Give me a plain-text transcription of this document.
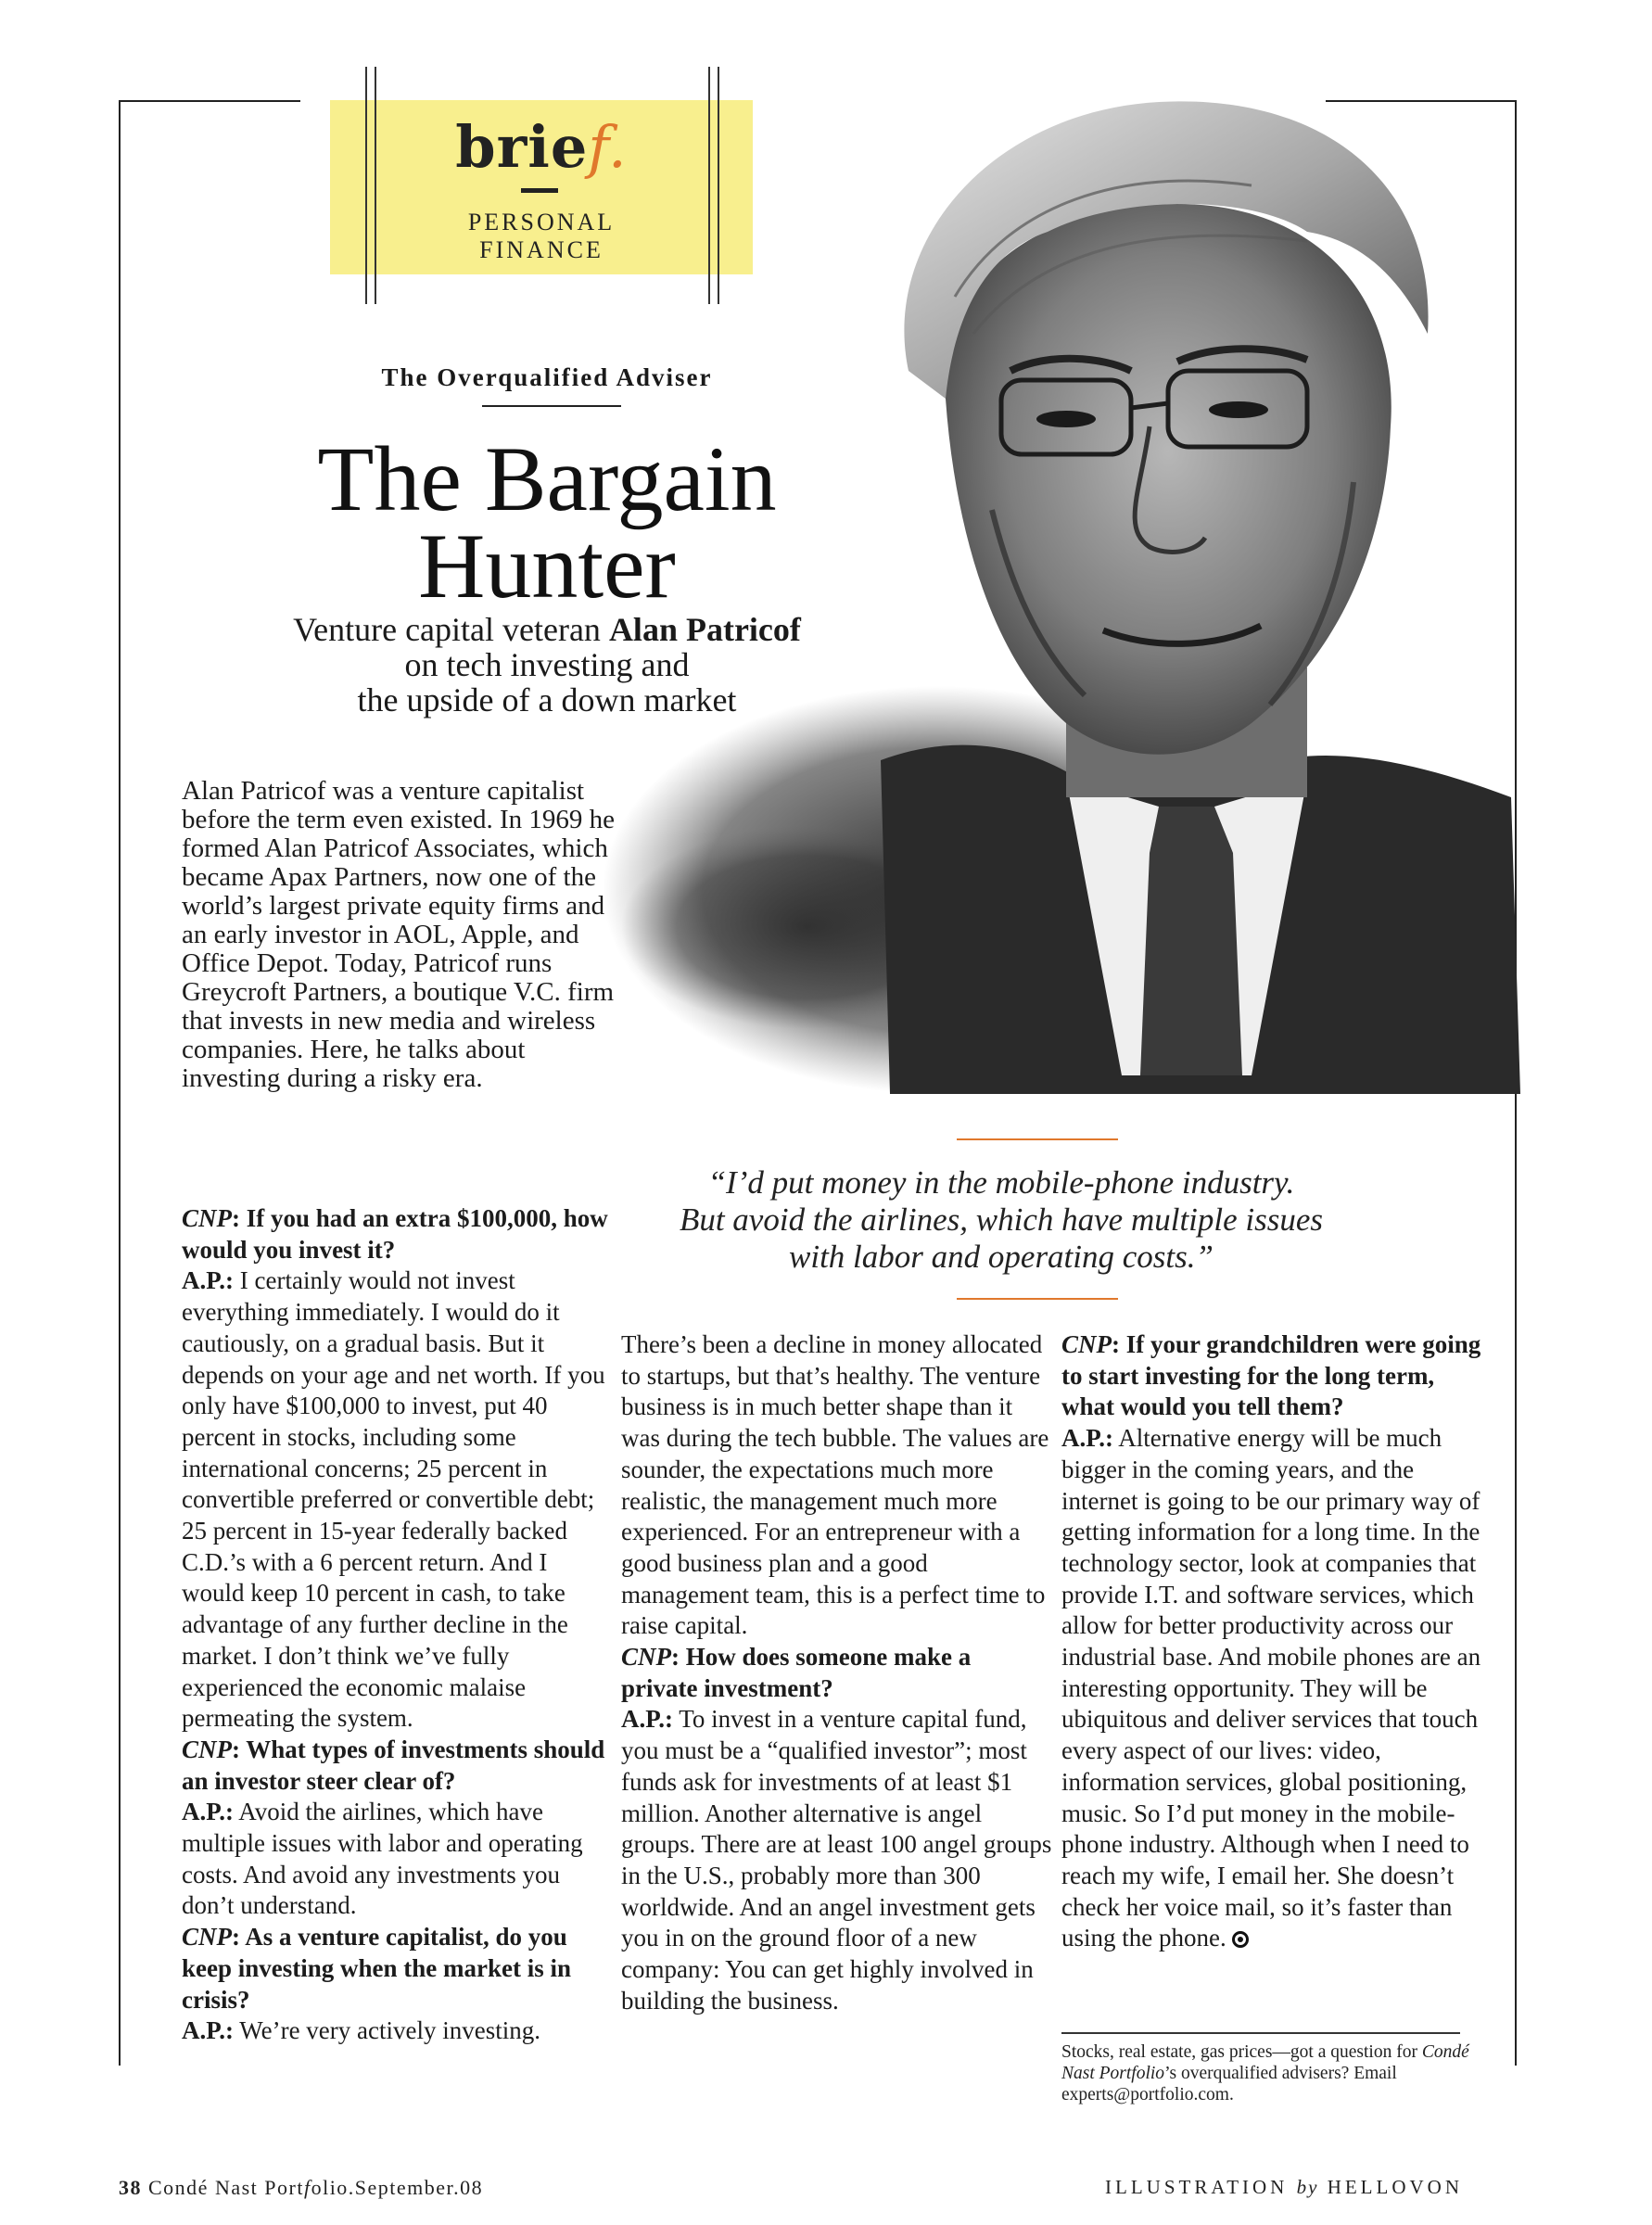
brief.
PERSONAL
FINANCE
The Overqualified Adviser
The Bargain
Hunter
Venture capital veteran Alan Patricof
on tech investing and
the upside of a down market
Alan Patricof was a venture capitalist before the term even existed. In 1969 he formed Alan Patricof Associates, which became Apax Partners, now one of the world’s largest private equity firms and an early investor in AOL, Apple, and Office Depot. Today, Patricof runs Greycroft Partners, a boutique V.C. firm that invests in new media and wireless companies. Here, he talks about investing during a risky era.
CNP: If you had an extra $100,000, how would you invest it?
A.P.: I certainly would not invest everything immediately. I would do it cautiously, on a gradual basis. But it depends on your age and net worth. If you only have $100,000 to invest, put 40 percent in stocks, including some international concerns; 25 percent in convertible preferred or convertible debt; 25 percent in 15-year federally backed C.D.’s with a 6 percent return. And I would keep 10 percent in cash, to take advantage of any further decline in the market. I don’t think we’ve fully experienced the economic malaise permeating the system.
CNP: What types of investments should an investor steer clear of?
A.P.: Avoid the airlines, which have multiple issues with labor and operating costs. And avoid any investments you don’t understand.
CNP: As a venture capitalist, do you keep investing when the market is in crisis?
A.P.: We’re very actively investing.
“I’d put money in the mobile-phone industry.
But avoid the airlines, which have multiple issues
with labor and operating costs.”
There’s been a decline in money allocated to startups, but that’s healthy. The venture business is in much better shape than it was during the tech bubble. The values are sounder, the expectations much more realistic, the management much more experienced. For an entrepreneur with a good business plan and a good management team, this is a perfect time to raise capital.
CNP: How does someone make a private investment?
A.P.: To invest in a venture capital fund, you must be a “qualified investor”; most funds ask for investments of at least $1 million. Another alternative is angel groups. There are at least 100 angel groups in the U.S., probably more than 300 worldwide. And an angel investment gets you in on the ground floor of a new company: You can get highly involved in building the business.
CNP: If your grandchildren were going to start investing for the long term, what would you tell them?
A.P.: Alternative energy will be much bigger in the coming years, and the internet is going to be our primary way of getting information for a long time. In the technology sector, look at companies that provide I.T. and software services, which allow for better productivity across our industrial base. And mobile phones are an interesting opportunity. They will be ubiquitous and deliver services that touch every aspect of our lives: video, information services, global positioning, music. So I’d put money in the mobile-phone industry. Although when I need to reach my wife, I email her. She doesn’t check her voice mail, so it’s faster than using the phone.
Stocks, real estate, gas prices—got a question for Condé Nast Portfolio’s overqualified advisers? Email experts@portfolio.com.
38 Condé Nast Portfolio.September.08	ILLUSTRATION by HELLOVON
